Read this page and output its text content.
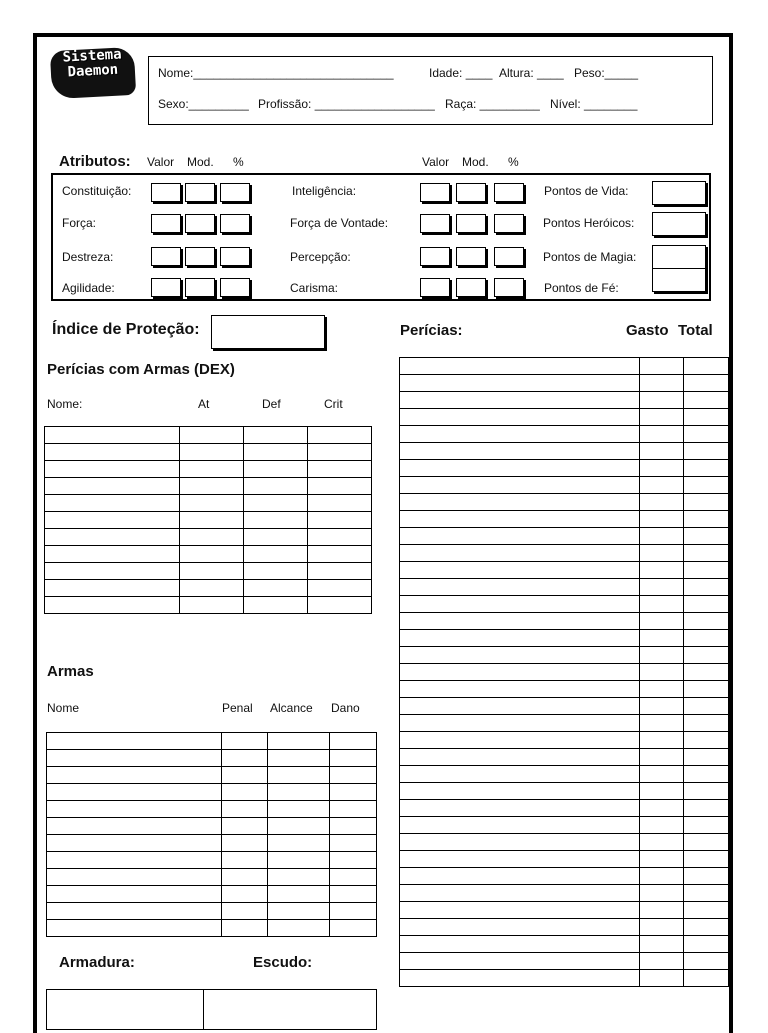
Sistema
Daemon	Nome:______________________________	Idade: ____ Altura: ____ Peso:_____
Sexo:_________ Profissão: __________________ Raça: _________ Nível: ________
Atributos: Valor Mod. %	Valor Mod. %
Constituição:	Inteligência:	Pontos de Vida:
Força:	Força de Vontade:	Pontos Heróicos:
Destreza:	Percepção:	Pontos de Magia:
Agilidade:	Carisma:	Pontos de Fé:
Índice de Proteção:	Perícias:	Gasto Total
Perícias com Armas (DEX)
Nome:	At	Def	Crit

Armas
Nome	Penal Alcance Dano

Armadura:	Escudo:
